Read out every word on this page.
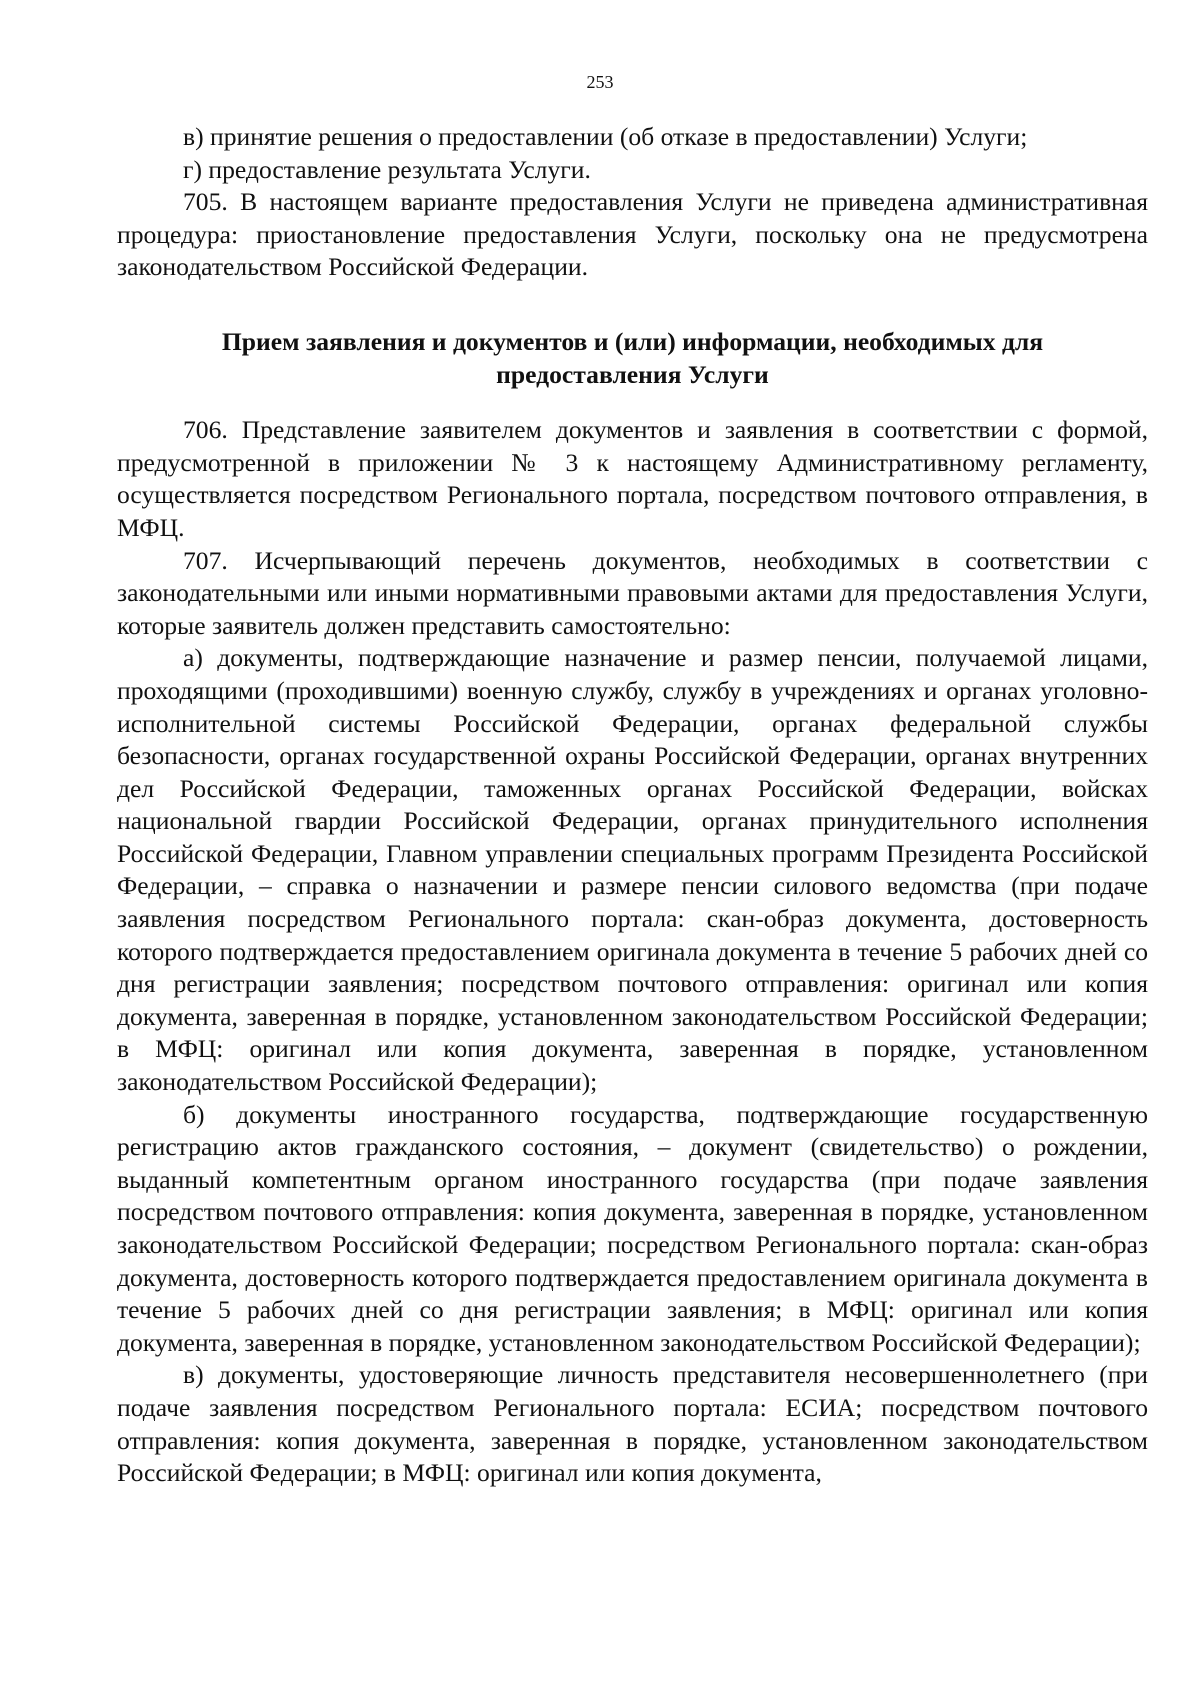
253

в) принятие решения о предоставлении (об отказе в предоставлении) Услуги;

г) предоставление результата Услуги.

705. В настоящем варианте предоставления Услуги не приведена административная процедура: приостановление предоставления Услуги, поскольку она не предусмотрена законодательством Российской Федерации.

Прием заявления и документов и (или) информации, необходимых для предоставления Услуги

706. Представление заявителем документов и заявления в соответствии с формой, предусмотренной в приложении № 3 к настоящему Административному регламенту, осуществляется посредством Регионального портала, посредством почтового отправления, в МФЦ.

707. Исчерпывающий перечень документов, необходимых в соответствии с законодательными или иными нормативными правовыми актами для предоставления Услуги, которые заявитель должен представить самостоятельно:

а) документы, подтверждающие назначение и размер пенсии, получаемой лицами, проходящими (проходившими) военную службу, службу в учреждениях и органах уголовно-исполнительной системы Российской Федерации, органах федеральной службы безопасности, органах государственной охраны Российской Федерации, органах внутренних дел Российской Федерации, таможенных органах Российской Федерации, войсках национальной гвардии Российской Федерации, органах принудительного исполнения Российской Федерации, Главном управлении специальных программ Президента Российской Федерации, – справка о назначении и размере пенсии силового ведомства (при подаче заявления посредством Регионального портала: скан-образ документа, достоверность которого подтверждается предоставлением оригинала документа в течение 5 рабочих дней со дня регистрации заявления; посредством почтового отправления: оригинал или копия документа, заверенная в порядке, установленном законодательством Российской Федерации; в МФЦ: оригинал или копия документа, заверенная в порядке, установленном законодательством Российской Федерации);

б) документы иностранного государства, подтверждающие государственную регистрацию актов гражданского состояния, – документ (свидетельство) о рождении, выданный компетентным органом иностранного государства (при подаче заявления посредством почтового отправления: копия документа, заверенная в порядке, установленном законодательством Российской Федерации; посредством Регионального портала: скан-образ документа, достоверность которого подтверждается предоставлением оригинала документа в течение 5 рабочих дней со дня регистрации заявления; в МФЦ: оригинал или копия документа, заверенная в порядке, установленном законодательством Российской Федерации);

в) документы, удостоверяющие личность представителя несовершеннолетнего (при подаче заявления посредством Регионального портала: ЕСИА; посредством почтового отправления: копия документа, заверенная в порядке, установленном законодательством Российской Федерации; в МФЦ: оригинал или копия документа,
